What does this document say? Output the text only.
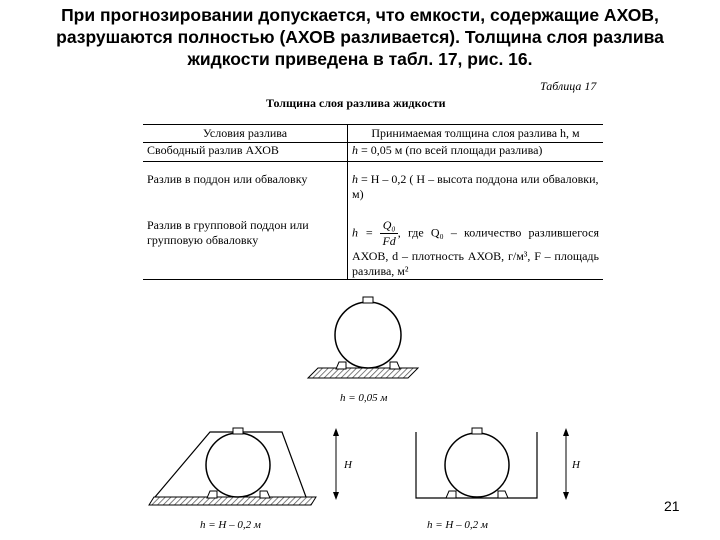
При прогнозировании допускается, что емкости, содержащие АХОВ,
разрушаются полностью (АХОВ разливается). Толщина слоя разлива
жидкости приведена в табл. 17, рис. 16.
Таблица 17
Толщина слоя разлива жидкости
Условия разлива	Принимаемая толщина слоя разлива h, м
Свободный разлив АХОВ	h = 0,05 м (по всей площади разлива)
Разлив в поддон или обваловку	h = H – 0,2 ( H – высота поддона или обваловки, м)
Разлив в групповой поддон или групповую обваловку	$h = \frac{\text{Q₀}}{Fd}$ , где Q₀ – количество разлившегося АХОВ, d – плотность АХОВ, г/м³, F – площадь разлива, м²
h = 0,05 м
H	H
h = H – 0,2 м	h = H – 0,2 м
21
